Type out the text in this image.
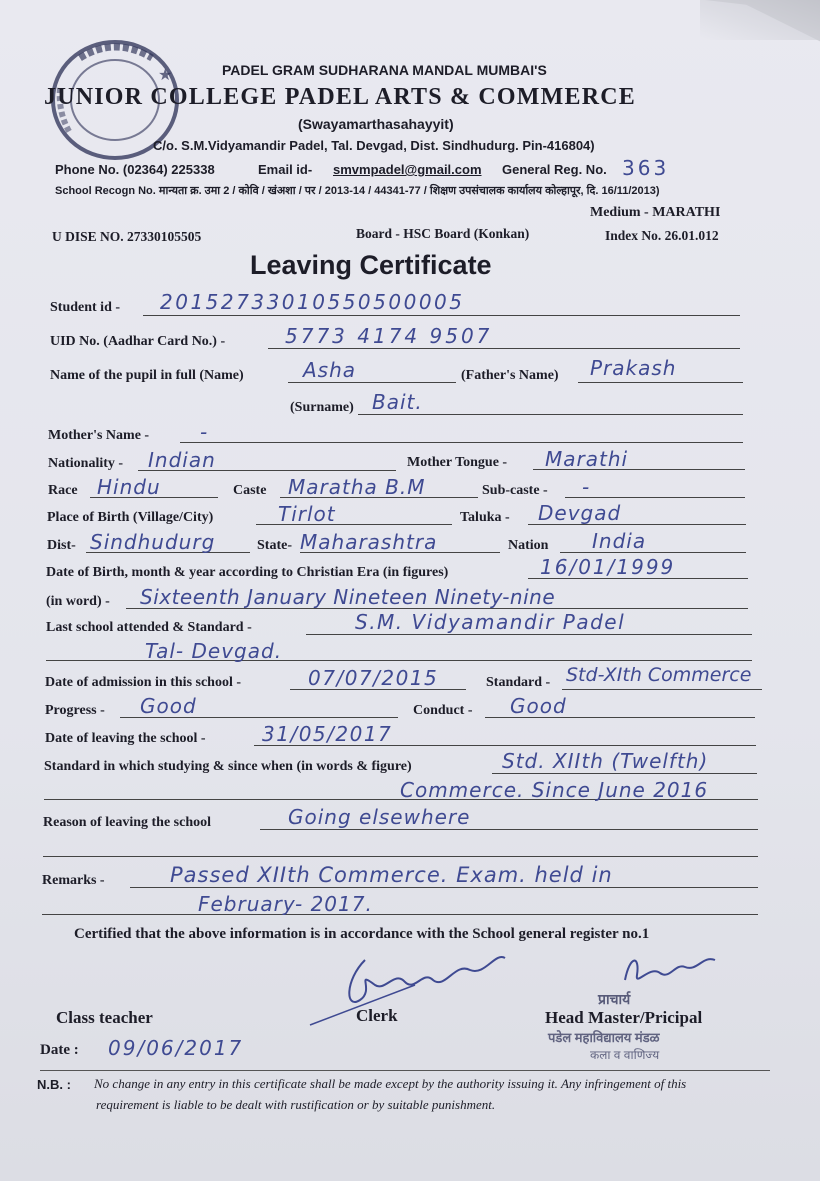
★	PADEL GRAM SUDHARANA MANDAL MUMBAI'S
JUNIOR COLLEGE PADEL ARTS & COMMERCE
(Swayamarthasahayyit)
C/o. S.M.Vidyamandir Padel, Tal. Devgad, Dist. Sindhudurg. Pin-416804)
Phone No. (02364) 225338	Email id- smvmpadel@gmail.com General Reg. No. 363
School Recogn No. मान्यता क्र. उमा 2 / कोवि / खंअशा / पर / 2013-14 / 44341-77 / शिक्षण उपसंचालक कार्यालय कोल्हापूर, दि. 16/11/2013)
Medium - MARATHI
U DISE NO. 27330105505	Board - HSC Board (Konkan)	Index No. 26.01.012
Leaving Certificate
Student id - 20152733010550500005
UID No. (Aadhar Card No.) -	5773 4174 9507
Name of the pupil in full (Name)	Asha	(Father's Name) Prakash
(Surname) Bait.
Mother's Name -	-
Nationality - Indian	Mother Tongue - Marathi
Race Hindu	Caste Maratha B.M	Sub-caste - -
Place of Birth (Village/City)	Tirlot	Taluka - Devgad
Dist- Sindhudurg	State- Maharashtra	Nation India
Date of Birth, month & year according to Christian Era (in figures)	16/01/1999
(in word) - Sixteenth January Nineteen Ninety-nine
Last school attended & Standard -	S.M. Vidyamandir Padel
Tal- Devgad.
Date of admission in this school -	07/07/2015	Standard - Std-XIth Commerce
Progress - Good	Conduct - Good
Date of leaving the school -	31/05/2017
Standard in which studying & since when (in words & figure)	Std. XIIth (Twelfth)
Commerce. Since June 2016
Reason of leaving the school	Going elsewhere
Remarks -	Passed XIIth Commerce. Exam. held in
February- 2017.
Certified that the above information is in accordance with the School general register no.1
Class teacher	Clerk	Head Master/Pricipal
प्राचार्य
पडेल महाविद्यालय मंडळ
कला व वाणिज्य
Date : 09/06/2017
N.B. : No change in any entry in this certificate shall be made except by the authority issuing it. Any infringement of this
requirement is liable to be dealt with rustification or by suitable punishment.
